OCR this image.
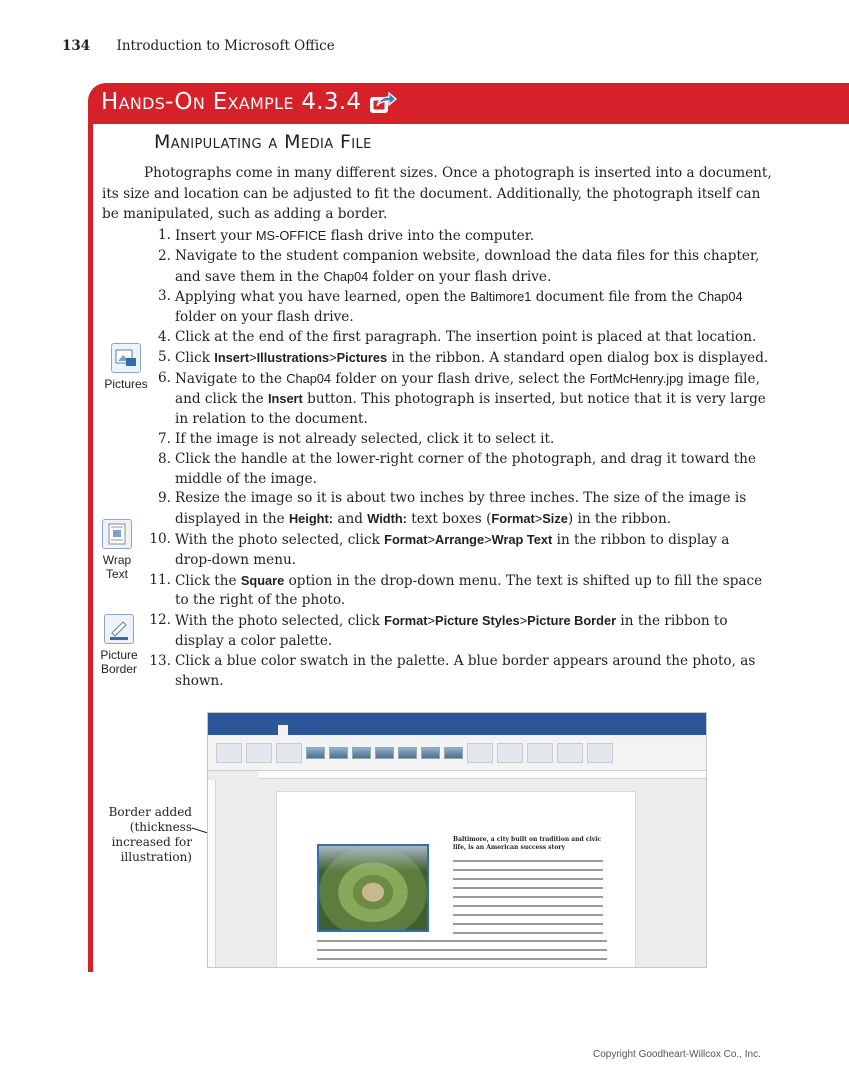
134 Introduction to Microsoft Office
Hands-On Example 4.3.4
Manipulating a Media File

Photographs come in many different sizes. Once a photograph is inserted into a document, its size and location can be adjusted to fit the document. Additionally, the photograph itself can be manipulated, such as adding a border.

1. Insert your MS-OFFICE flash drive into the computer.
2. Navigate to the student companion website, download the data files for this chapter, and save them in the Chap04 folder on your flash drive.
3. Applying what you have learned, open the Baltimore1 document file from the Chap04 folder on your flash drive.
4. Click at the end of the first paragraph. The insertion point is placed at that location.
5. Click Insert>Illustrations>Pictures in the ribbon. A standard open dialog box is displayed.
6. Navigate to the Chap04 folder on your flash drive, select the FortMcHenry.jpg image file, and click the Insert button. This photograph is inserted, but notice that it is very large in relation to the document.
7. If the image is not already selected, click it to select it.
8. Click the handle at the lower-right corner of the photograph, and drag it toward the middle of the image.
9. Resize the image so it is about two inches by three inches. The size of the image is displayed in the Height: and Width: text boxes (Format>Size) in the ribbon.
10. With the photo selected, click Format>Arrange>Wrap Text in the ribbon to display a drop-down menu.
11. Click the Square option in the drop-down menu. The text is shifted up to fill the space to the right of the photo.
12. With the photo selected, click Format>Picture Styles>Picture Border in the ribbon to display a color palette.
13. Click a blue color swatch in the palette. A blue border appears around the photo, as shown.
Pictures
Wrap Text
Picture Border
Border added (thickness increased for illustration)
Baltimore, a city built on tradition and civic life, is an American success story
Copyright Goodheart-Willcox Co., Inc.
